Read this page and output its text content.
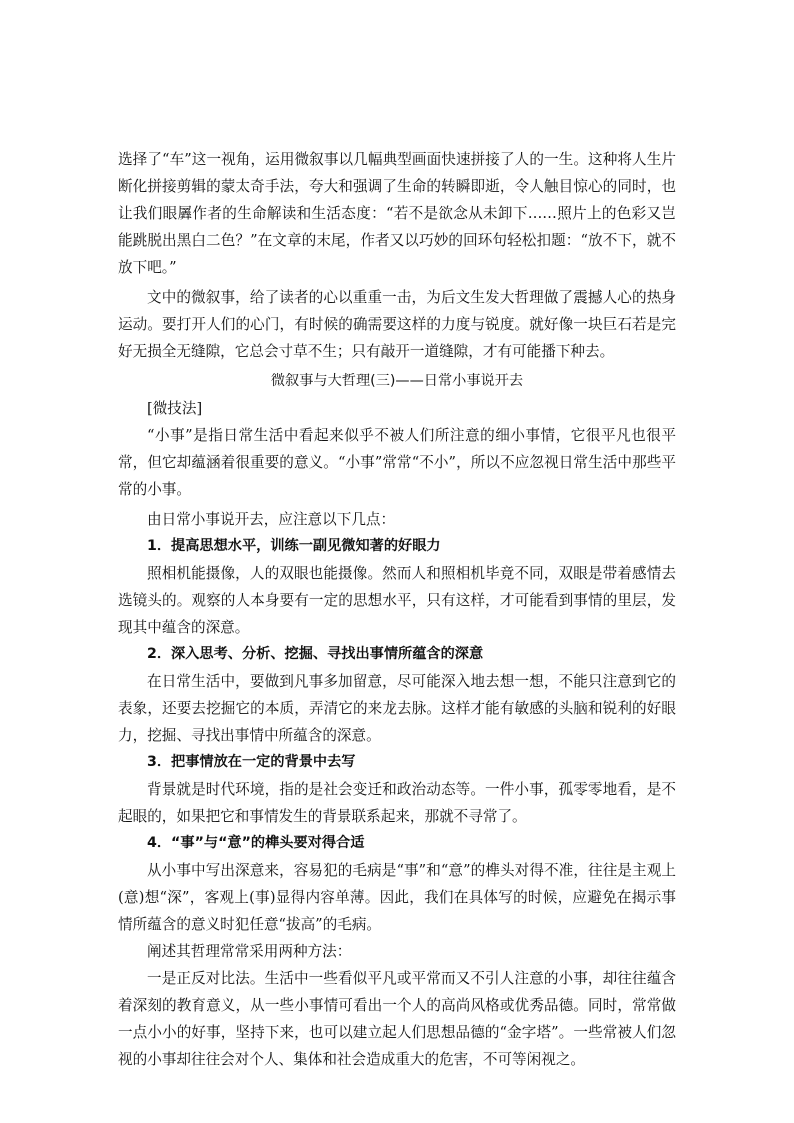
选择了“车”这一视角，运用微叙事以几幅典型画面快速拼接了人的一生。这种将人生片断化拼接剪辑的蒙太奇手法，夸大和强调了生命的转瞬即逝，令人触目惊心的同时，也让我们眼羼作者的生命解读和生活态度：“若不是欲念从未卸下……照片上的色彩又岂能跳脱出黑白二色？”在文章的末尾，作者又以巧妙的回环句轻松扣题：“放不下，就不放下吧。”

文中的微叙事，给了读者的心以重重一击，为后文生发大哲理做了震撼人心的热身运动。要打开人们的心门，有时候的确需要这样的力度与锐度。就好像一块巨石若是完好无损全无缝隙，它总会寸草不生；只有敲开一道缝隙，才有可能播下种去。

微叙事与大哲理(三)——日常小事说开去

[微技法]

“小事”是指日常生活中看起来似乎不被人们所注意的细小事情，它很平凡也很平常，但它却蕴涵着很重要的意义。“小事”常常“不小”，所以不应忽视日常生活中那些平常的小事。

由日常小事说开去，应注意以下几点：

1．提高思想水平，训练一副见微知著的好眼力

照相机能摄像，人的双眼也能摄像。然而人和照相机毕竟不同，双眼是带着感情去选镜头的。观察的人本身要有一定的思想水平，只有这样，才可能看到事情的里层，发现其中蕴含的深意。

2．深入思考、分析、挖掘、寻找出事情所蕴含的深意

在日常生活中，要做到凡事多加留意，尽可能深入地去想一想，不能只注意到它的表象，还要去挖掘它的本质，弄清它的来龙去脉。这样才能有敏感的头脑和锐利的好眼力，挖掘、寻找出事情中所蕴含的深意。

3．把事情放在一定的背景中去写

背景就是时代环境，指的是社会变迁和政治动态等。一件小事，孤零零地看，是不起眼的，如果把它和事情发生的背景联系起来，那就不寻常了。

4．“事”与“意”的榫头要对得合适

从小事中写出深意来，容易犯的毛病是“事”和“意”的榫头对得不准，往往是主观上(意)想“深”，客观上(事)显得内容单薄。因此，我们在具体写的时候，应避免在揭示事情所蕴含的意义时犯任意“拔高”的毛病。

阐述其哲理常常采用两种方法：

一是正反对比法。生活中一些看似平凡或平常而又不引人注意的小事，却往往蕴含着深刻的教育意义，从一些小事情可看出一个人的高尚风格或优秀品德。同时，常常做一点小小的好事，坚持下来，也可以建立起人们思想品德的“金字塔”。一些常被人们忽视的小事却往往会对个人、集体和社会造成重大的危害，不可等闲视之。
